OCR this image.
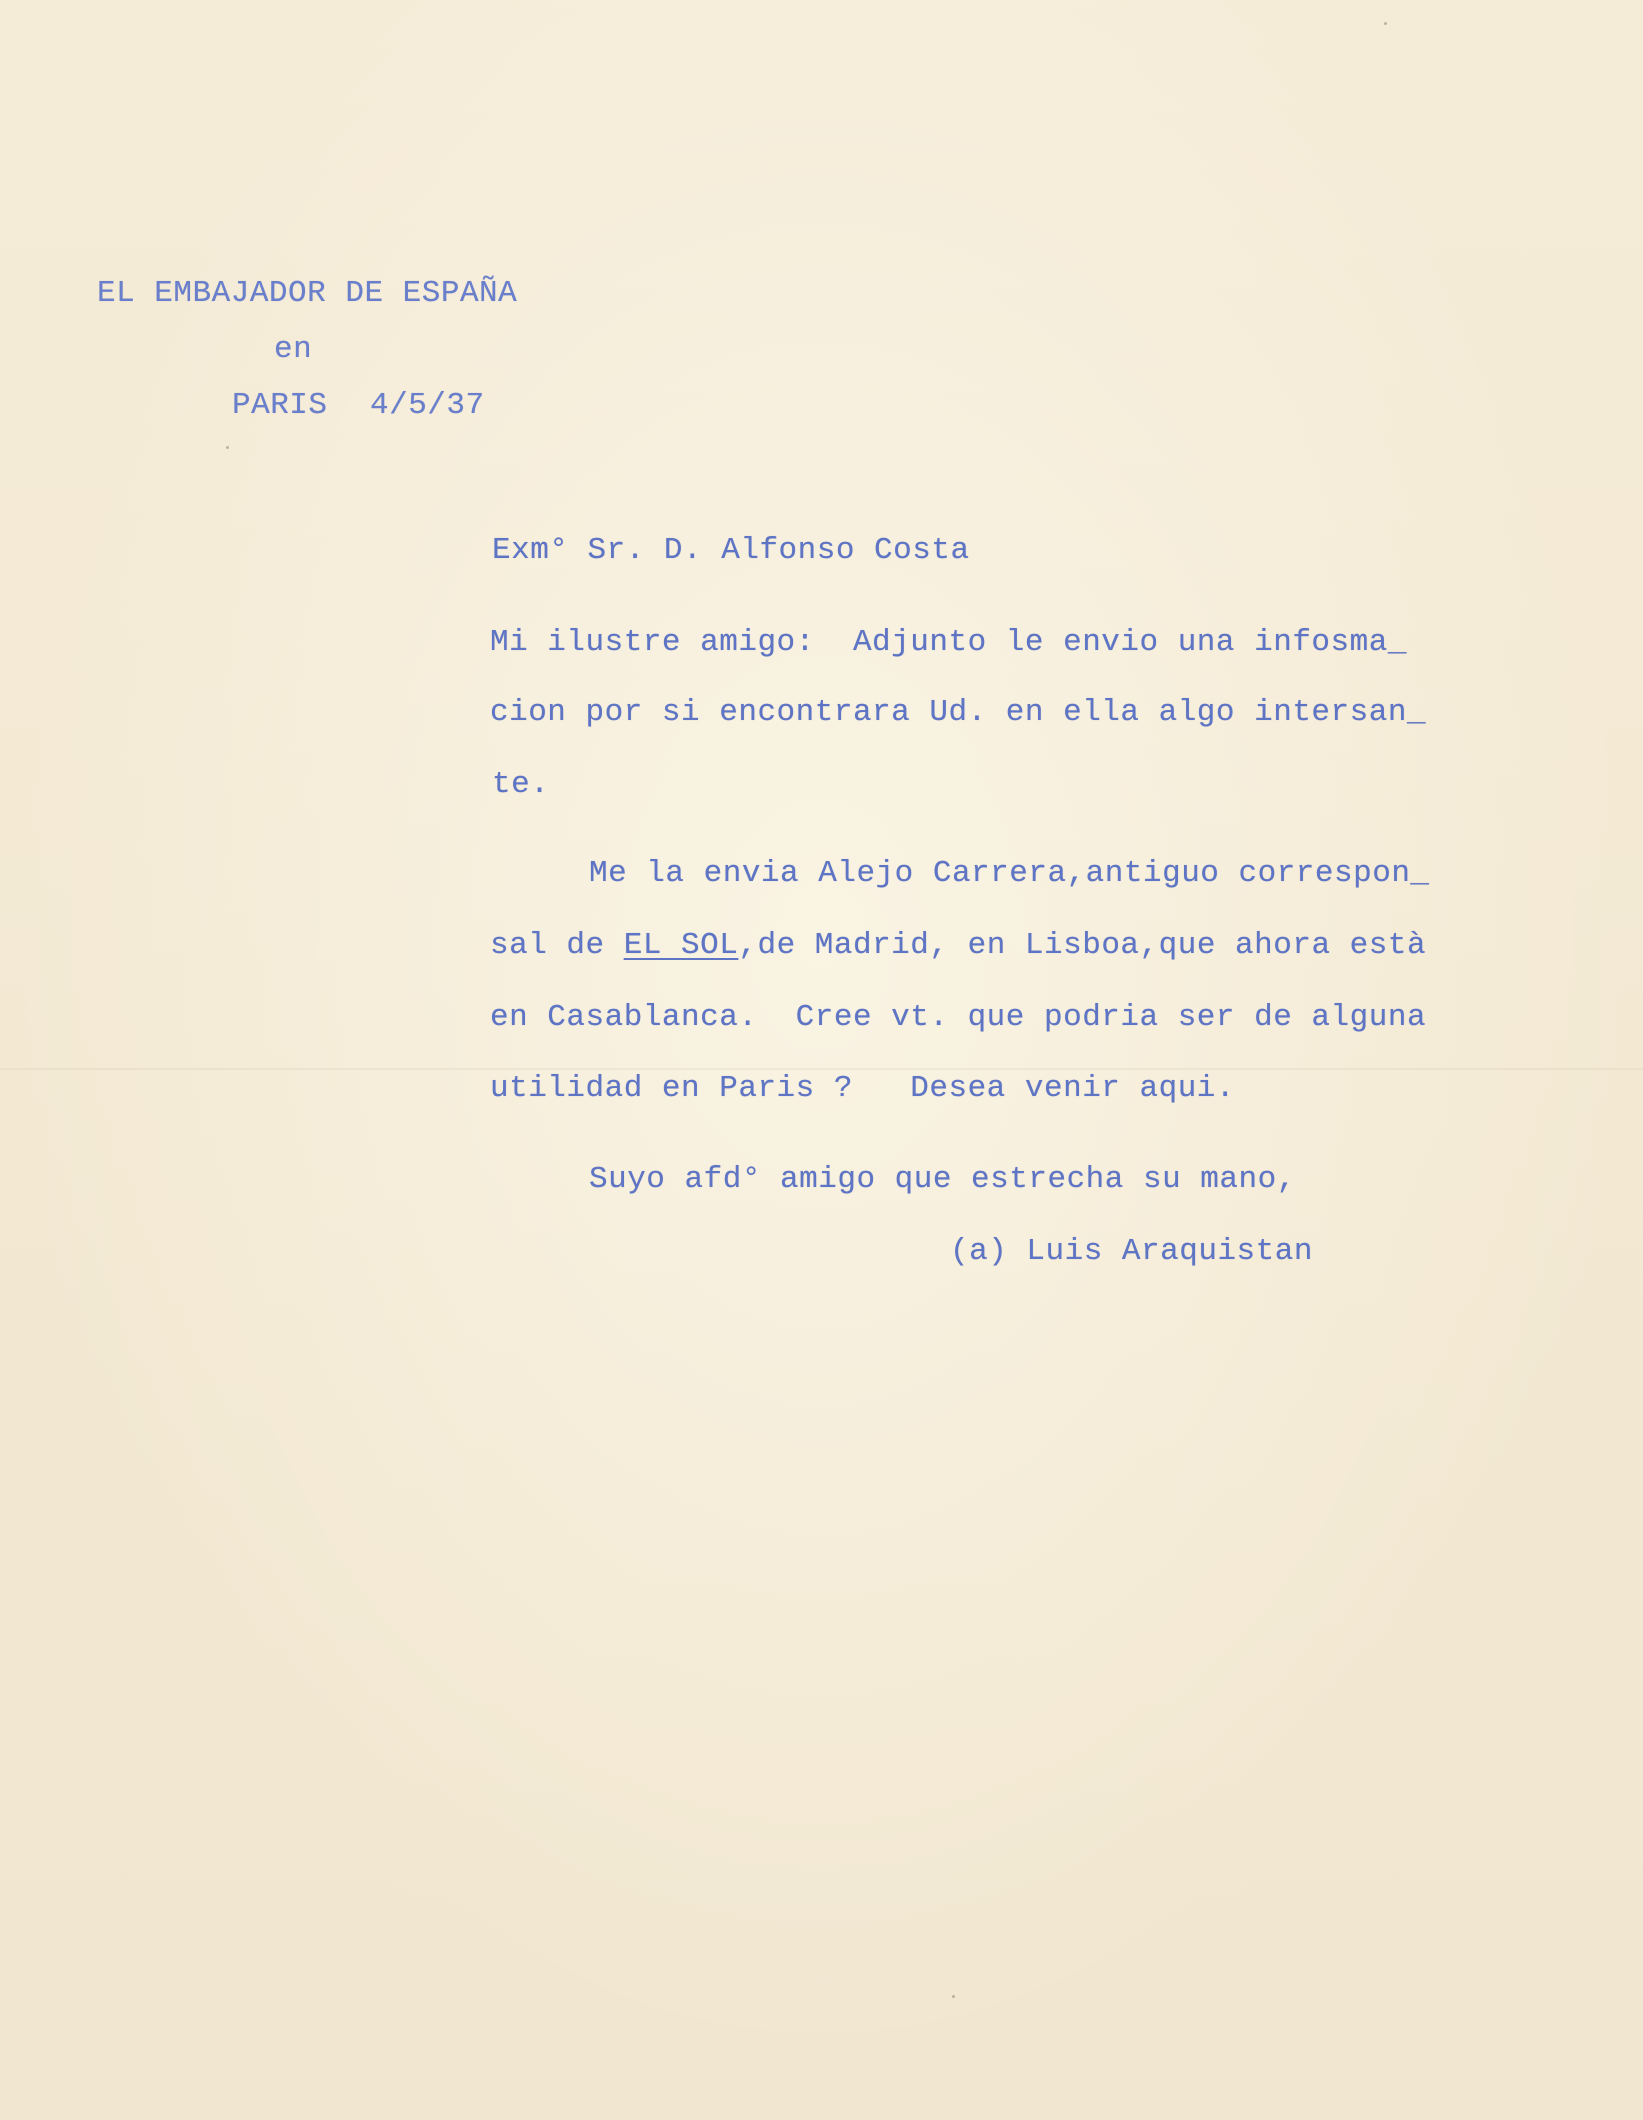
EL EMBAJADOR DE ESPAÑA
en
PARIS 4/5/37
Exm° Sr. D. Alfonso Costa
Mi ilustre amigo:  Adjunto le envio una infosma_
cion por si encontrara Ud. en ella algo intersan_
te.
Me la envia Alejo Carrera,antiguo correspon_
sal de EL SOL,de Madrid, en Lisboa,que ahora està
en Casablanca.  Cree vt. que podria ser de alguna
utilidad en Paris ?   Desea venir aqui.
Suyo afd° amigo que estrecha su mano,
(a) Luis Araquistan
